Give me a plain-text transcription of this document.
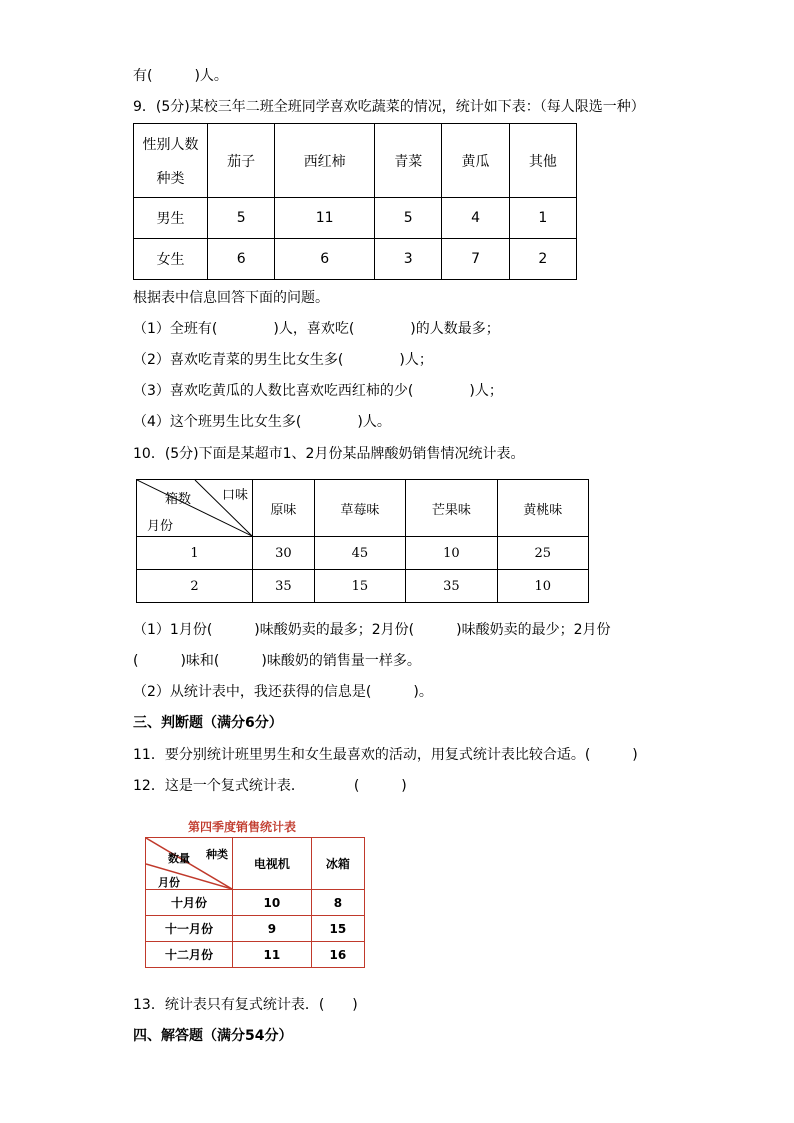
有(　　　)人。
9．(5分)某校三年二班全班同学喜欢吃蔬菜的情况，统计如下表：（每人限选一种）
性别人数
种类	茄子	西红柿	青菜	黄瓜	其他
男生	5	11	5	4	1
女生	6	6	3	7	2
根据表中信息回答下面的问题。
（1）全班有(　　　　)人，喜欢吃(　　　　)的人数最多；
（2）喜欢吃青菜的男生比女生多(　　　　)人；
（3）喜欢吃黄瓜的人数比喜欢吃西红柿的少(　　　　)人；
（4）这个班男生比女生多(　　　　)人。
10．(5分)下面是某超市1、2月份某品牌酸奶销售情况统计表。
箱数 口味
月份	原味	草莓味	芒果味	黄桃味
1	30	45	10	25
2	35	15	35	10
（1）1月份(　　　)味酸奶卖的最多；2月份(　　　)味酸奶卖的最少；2月份
(　　　)味和(　　　)味酸奶的销售量一样多。
（2）从统计表中，我还获得的信息是(　　　)。
三、判断题（满分6分）
11．要分别统计班里男生和女生最喜欢的活动，用复式统计表比较合适。(　　　)
12．这是一个复式统计表．　　　　(　　　)
第四季度销售统计表
数量 种类
月份	电视机	冰箱
十月份	10	8
十一月份	9	15
十二月份	11	16
13．统计表只有复式统计表．(　　)
四、解答题（满分54分）
